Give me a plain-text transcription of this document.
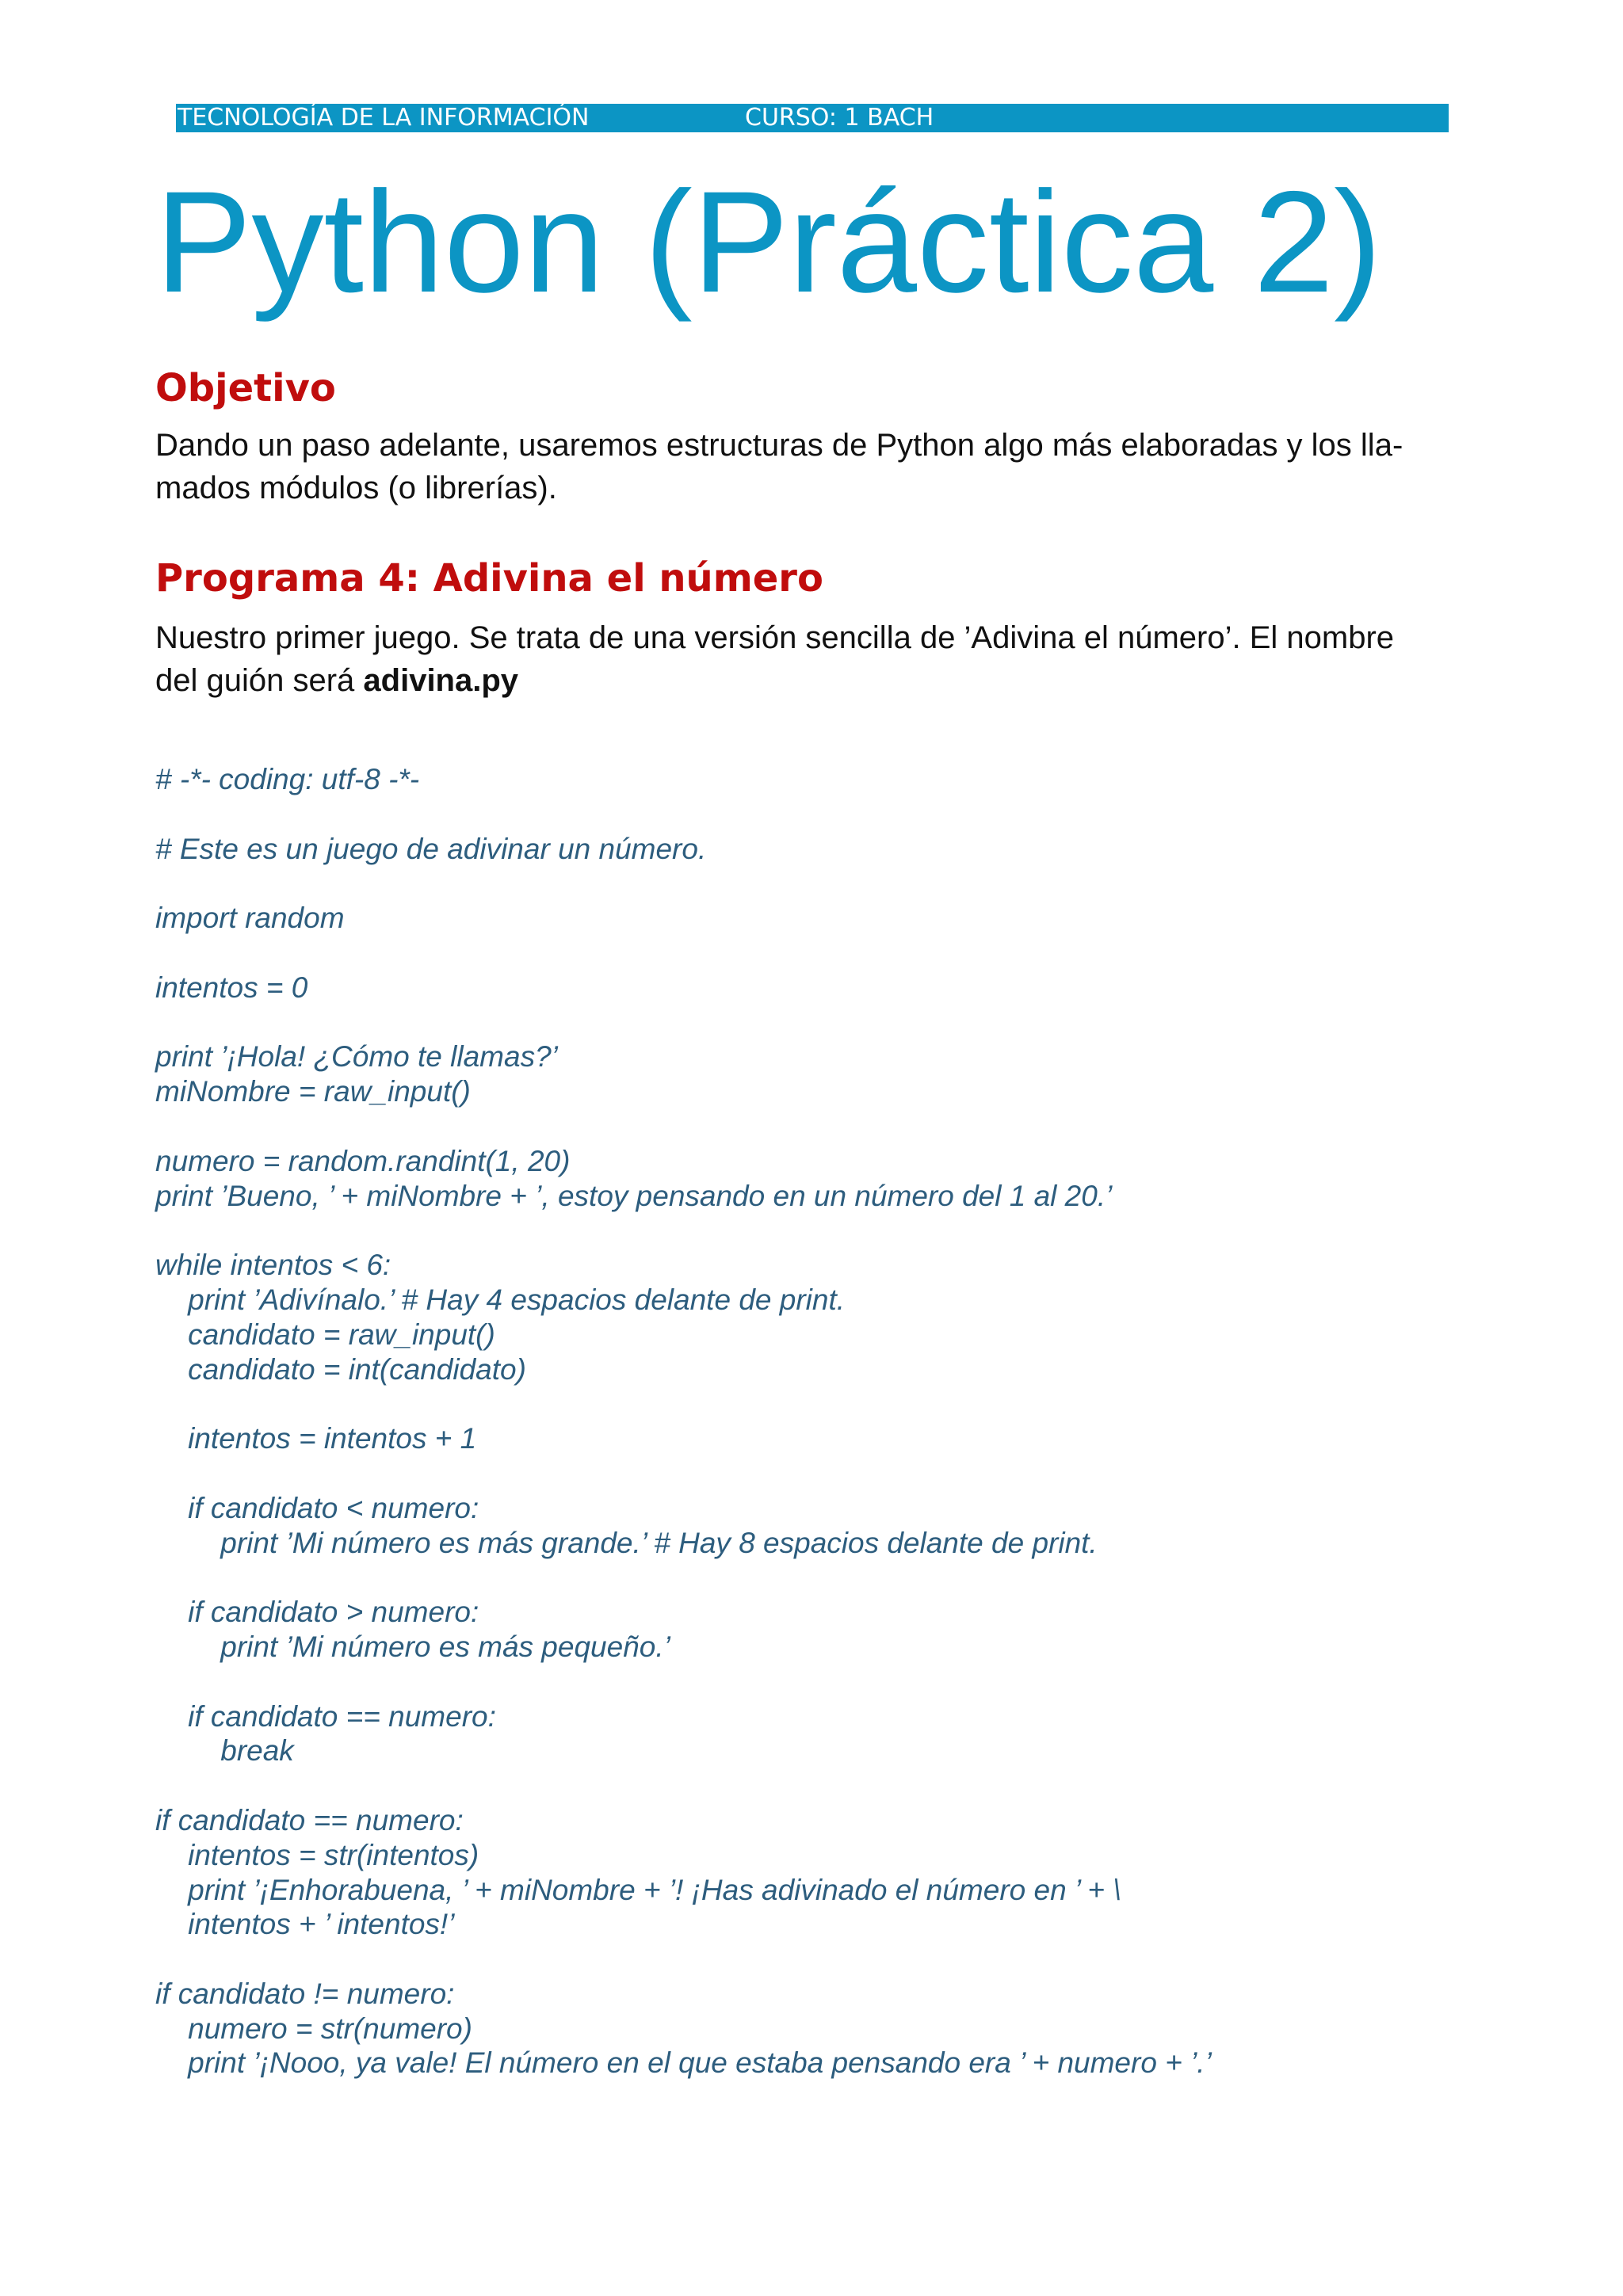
TECNOLOGÍA DE LA INFORMACIÓN	CURSO: 1 BACH
Python (Práctica 2)
Objetivo

Dando un paso adelante, usaremos estructuras de Python algo más elaboradas y los lla-
mados módulos (o librerías).

Programa 4: Adivina el número

Nuestro primer juego. Se trata de una versión sencilla de ’Adivina el número’. El nombre
del guión será adivina.py

# -*- coding: utf-8 -*-
# Este es un juego de adivinar un número.
import random
intentos = 0
print ’¡Hola! ¿Cómo te llamas?’
miNombre = raw_input()
numero = random.randint(1, 20)
print ’Bueno, ’ + miNombre + ’, estoy pensando en un número del 1 al 20.’
while intentos < 6:
print ’Adivínalo.’ # Hay 4 espacios delante de print.
candidato = raw_input()
candidato = int(candidato)
intentos = intentos + 1
if candidato < numero:
print ’Mi número es más grande.’ # Hay 8 espacios delante de print.
if candidato > numero:
print ’Mi número es más pequeño.’
if candidato == numero:
break
if candidato == numero:
intentos = str(intentos)
print ’¡Enhorabuena, ’ + miNombre + ’! ¡Has adivinado el número en ’ + \
intentos + ’ intentos!’
if candidato != numero:
numero = str(numero)
print ’¡Nooo, ya vale! El número en el que estaba pensando era ’ + numero + ’.’
